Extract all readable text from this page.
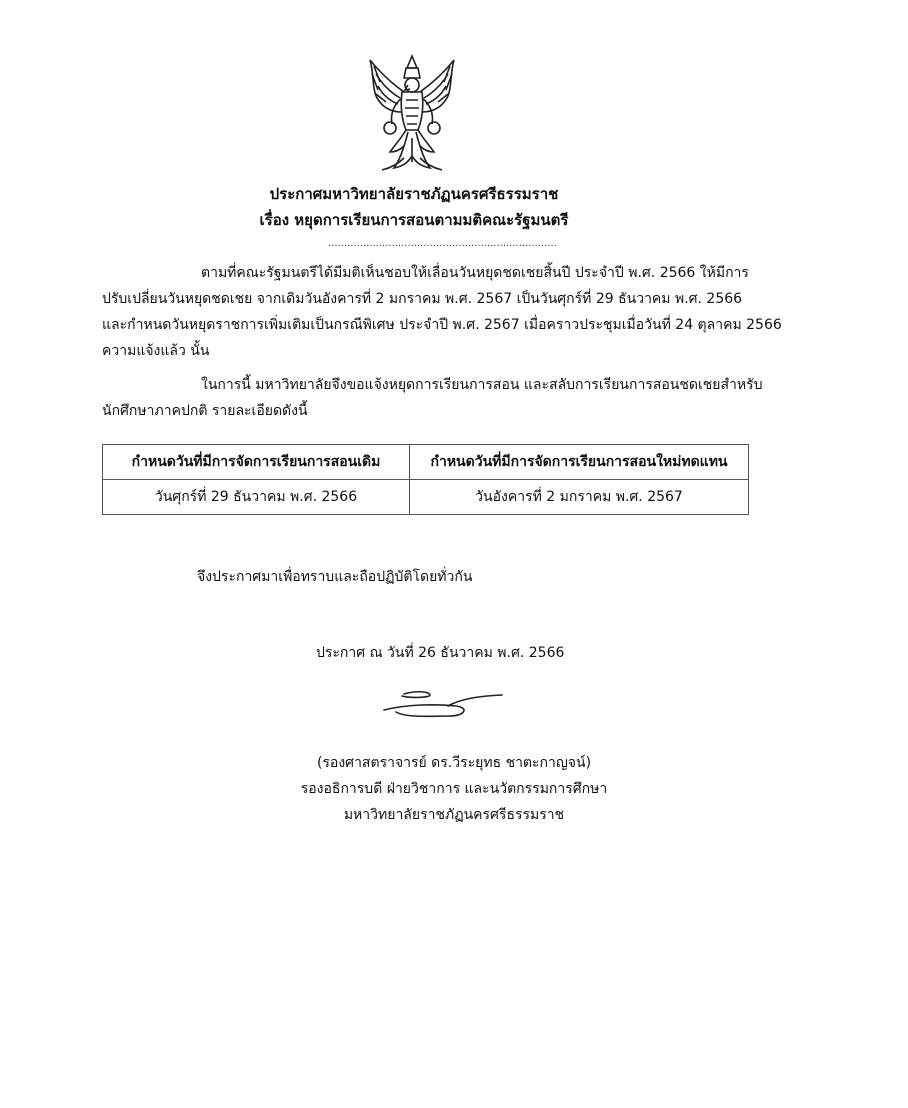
ประกาศมหาวิทยาลัยราชภัฏนครศรีธรรมราช
เรื่อง หยุดการเรียนการสอนตามมติคณะรัฐมนตรี
........................................................................
ตามที่คณะรัฐมนตรีได้มีมติเห็นชอบให้เลื่อนวันหยุดชดเชยสิ้นปี ประจำปี พ.ศ. 2566 ให้มีการ
ปรับเปลี่ยนวันหยุดชดเชย จากเดิมวันอังคารที่ 2 มกราคม พ.ศ. 2567 เป็นวันศุกร์ที่ 29 ธันวาคม พ.ศ. 2566
และกำหนดวันหยุดราชการเพิ่มเติมเป็นกรณีพิเศษ ประจำปี พ.ศ. 2567 เมื่อคราวประชุมเมื่อวันที่ 24 ตุลาคม 2566
ความแจ้งแล้ว นั้น
ในการนี้ มหาวิทยาลัยจึงขอแจ้งหยุดการเรียนการสอน และสลับการเรียนการสอนชดเชยสำหรับ
นักศึกษาภาคปกติ รายละเอียดดังนี้
กำหนดวันที่มีการจัดการเรียนการสอนเดิม	กำหนดวันที่มีการจัดการเรียนการสอนใหม่ทดแทน
วันศุกร์ที่ 29 ธันวาคม พ.ศ. 2566	วันอังคารที่ 2 มกราคม พ.ศ. 2567
จึงประกาศมาเพื่อทราบและถือปฏิบัติโดยทั่วกัน
ประกาศ ณ วันที่ 26 ธันวาคม พ.ศ. 2566
(รองศาสตราจารย์ ดร.วีระยุทธ ชาตะกาญจน์)
รองอธิการบดี ฝ่ายวิชาการ และนวัตกรรมการศึกษา
มหาวิทยาลัยราชภัฏนครศรีธรรมราช
